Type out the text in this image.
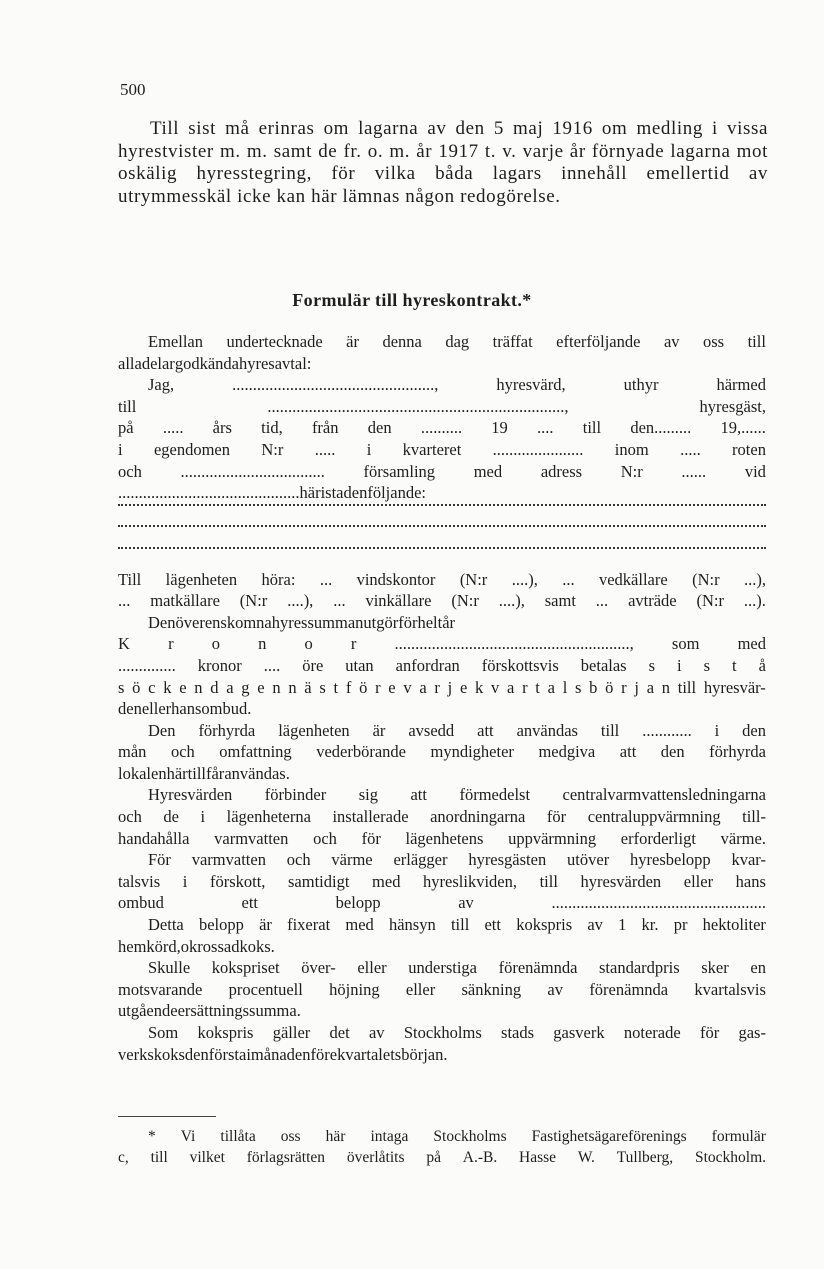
500

Till sist må erinras om lagarna av den 5 maj 1916 om medling i vissa hyrestvister m. m. samt de fr. o. m. år 1917 t. v. varje år förnyade lagarna mot oskälig hyresstegring, för vilka båda lagars innehåll emellertid av utrymmesskäl icke kan här lämnas någon redogörelse.

Formulär till hyreskontrakt.*
Emellan undertecknade är denna dag träffat efterföljande av oss till
alla delar godkända hyresavtal:
Jag,	.................................................,	hyresvärd,	uthyr	härmed
till	........................................................................,	hyresgäst,
på ..... års tid, från den .......... 19 .... till den......... 19,......
i egendomen N:r ..... i kvarteret ...................... inom ..... roten
och ................................... församling med adress N:r ...... vid
............................................ här i staden följande:
Till lägenheten höra: ... vindskontor (N:r ....), ... vedkällare (N:r ...),
... matkällare (N:r ....), ... vinkällare (N:r ....), samt ... avträde (N:r ...).
Den överenskomna hyressumman utgör för helt år
K r o n o r ........................................................., som med
.............. kronor .... öre utan anfordran förskottsvis betalas s i s t å
s ö c k e n d a g e n n ä s t f ö r e v a r j e k v a r t a l s b ö r j a n till hyresvär-
den eller hans ombud.
Den förhyrda lägenheten är avsedd att användas till ............ i den
mån och omfattning vederbörande myndigheter medgiva att den förhyrda
lokalen härtill får användas.
Hyresvärden förbinder sig att förmedelst centralvarmvattensledningarna
och de i lägenheterna installerade anordningarna för centraluppvärmning till-
handahålla varmvatten och för lägenhetens uppvärmning erforderligt värme.
För varmvatten och värme erlägger hyresgästen utöver hyresbelopp kvar-
talsvis i förskott, samtidigt med hyreslikviden, till hyresvärden eller hans
ombud	ett	belopp	av	....................................................
Detta belopp är fixerat med hänsyn till ett kokspris av 1 kr. pr hektoliter
hemkörd, okrossad koks.
Skulle kokspriset över- eller understiga förenämnda standardpris sker en
motsvarande procentuell höjning eller sänkning av förenämnda kvartalsvis
utgående ersättningssumma.
Som kokspris gäller det av Stockholms stads gasverk noterade för gas-
verkskoks den första i månaden före kvartalets början.
* Vi tillåta oss här intaga Stockholms Fastighetsägareförenings formulär
c, till vilket förlagsrätten överlåtits på A.-B. Hasse W. Tullberg, Stockholm.
